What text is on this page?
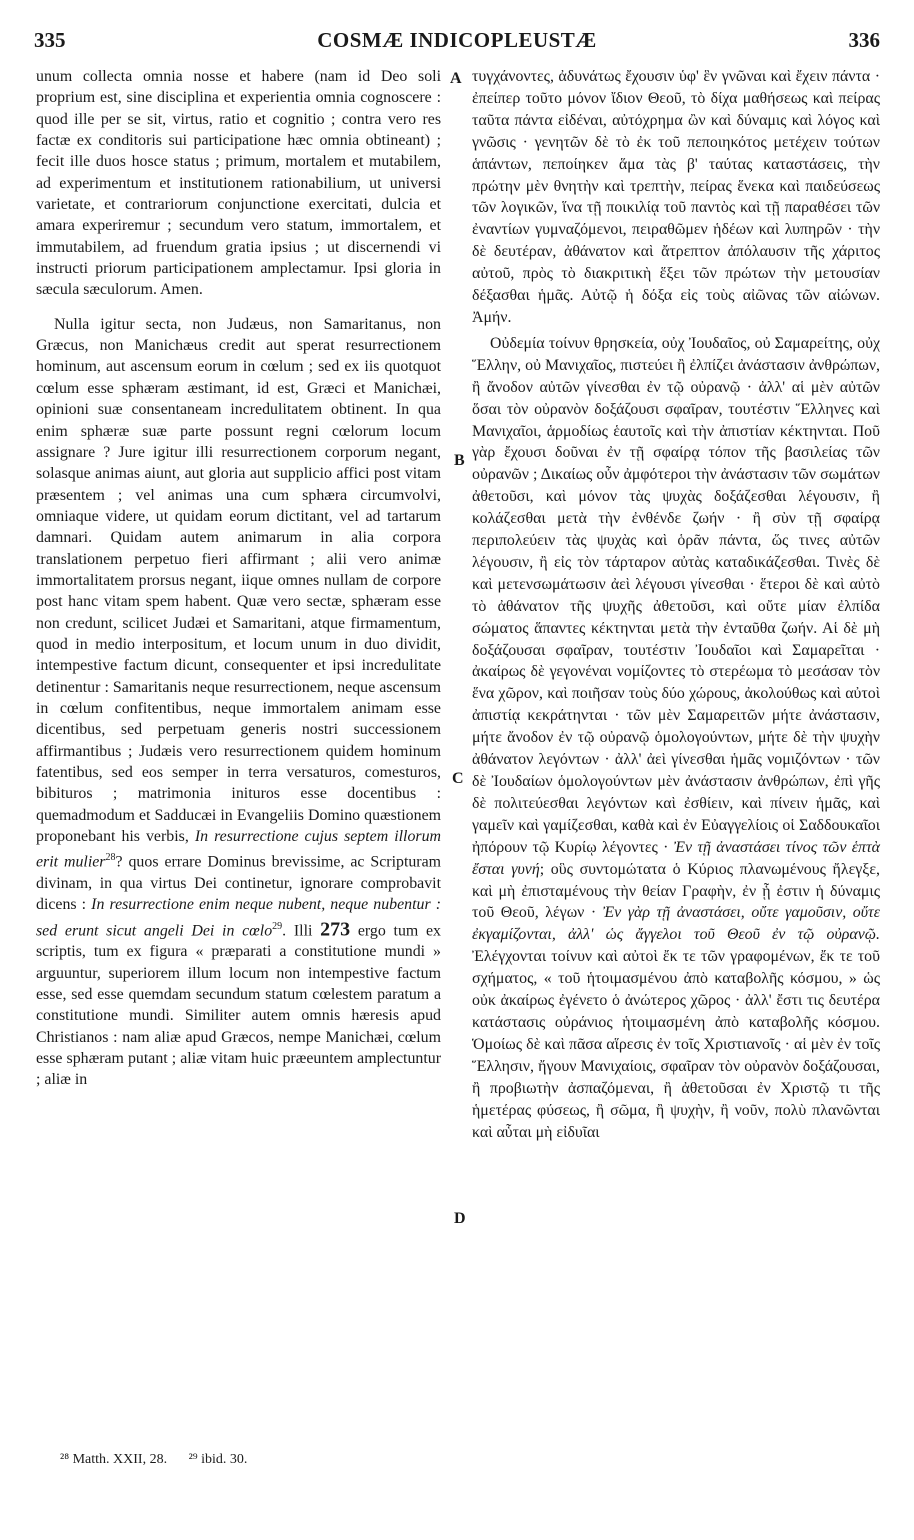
335	COSMÆ INDICOPLEUSTÆ	336

unum collecta omnia nosse et habere (nam id Deo soli proprium est, sine disciplina et experientia omnia cognoscere : quod ille per se sit, virtus, ratio et cognitio ; contra vero res factæ ex conditoris sui participatione hæc omnia obtineant) ; fecit ille duos hosce status ; primum, mortalem et mutabilem, ad experimentum et institutionem rationabilium, ut universi varietate, et contrariorum conjunctione exercitati, dulcia et amara experiremur ; secundum vero statum, immortalem, et immutabilem, ad fruendum gratia ipsius ; ut discernendi vi instructi priorum participationem amplectamur. Ipsi gloria in sæcula sæculorum. Amen.

Nulla igitur secta, non Judæus, non Samaritanus, non Græcus, non Manichæus credit aut sperat resurrectionem hominum, aut ascensum eorum in cœlum ; sed ex iis quotquot cœlum esse sphæram æstimant, id est, Græci et Manichæi, opinioni suæ consentaneam incredulitatem obtinent. In qua enim sphæræ suæ parte possunt regni cœlorum locum assignare ? Jure igitur illi resurrectionem corporum negant, solasque animas aiunt, aut gloria aut supplicio affici post vitam præsentem ; vel animas una cum sphæra circumvolvi, omniaque videre, ut quidam eorum dictitant, vel ad tartarum damnari. Quidam autem animarum in alia corpora translationem perpetuo fieri affirmant ; alii vero animæ immortalitatem prorsus negant, iique omnes nullam de corpore post hanc vitam spem habent. Quæ vero sectæ, sphæram esse non credunt, scilicet Judæi et Samaritani, atque firmamentum, quod in medio interpositum, et locum unum in duo dividit, intempestive factum dicunt, consequenter et ipsi incredulitate detinentur : Samaritanis neque resurrectionem, neque ascensum in cœlum confitentibus, neque immortalem animam esse dicentibus, sed perpetuam generis nostri successionem affirmantibus ; Judæis vero resurrectionem quidem hominum fatentibus, sed eos semper in terra versaturos, comesturos, bibituros ; matrimonia inituros esse docentibus : quemadmodum et Sadducæi in Evangeliis Domino quæstionem proponebant his verbis, In resurrectione cujus septem illorum erit mulier$^{28}$? quos errare Dominus brevissime, ac Scripturam divinam, in qua virtus Dei continetur, ignorare comprobavit dicens : In resurrectione enim neque nubent, neque nubentur : sed erunt sicut angeli Dei in cœlo$^{29}$. Illi 273 ergo tum ex scriptis, tum ex figura « præparati a constitutione mundi » arguuntur, superiorem illum locum non intempestive factum esse, sed esse quemdam secundum statum cœlestem paratum a constitutione mundi. Similiter autem omnis hæresis apud Christianos : nam aliæ apud Græcos, nempe Manichæi, cœlum esse sphæram putant ; aliæ vitam huic præeuntem amplectuntur ; aliæ in

A
B
C
D

τυγχάνοντες, ἀδυνάτως ἔχουσιν ὑφ' ἓν γνῶναι καὶ ἔχειν πάντα · ἐπείπερ τοῦτο μόνον ἴδιον Θεοῦ, τὸ δίχα μαθήσεως καὶ πείρας ταῦτα πάντα εἰδέναι, αὐτόχρημα ὢν καὶ δύναμις καὶ λόγος καὶ γνῶσις · γενητῶν δὲ τὸ ἐκ τοῦ πεποιηκότος μετέχειν τούτων ἁπάντων, πεποίηκεν ἅμα τὰς β' ταύτας καταστάσεις, τὴν πρώτην μὲν θνητὴν καὶ τρεπτὴν, πείρας ἕνεκα καὶ παιδεύσεως τῶν λογικῶν, ἵνα τῇ ποικιλίᾳ τοῦ παντὸς καὶ τῇ παραθέσει τῶν ἐναντίων γυμναζόμενοι, πειραθῶμεν ἡδέων καὶ λυπηρῶν · τὴν δὲ δευτέραν, ἀθάνατον καὶ ἄτρεπτον ἀπόλαυσιν τῆς χάριτος αὐτοῦ, πρὸς τὸ διακριτικὴ ἕξει τῶν πρώτων τὴν μετουσίαν δέξασθαι ἡμᾶς. Αὐτῷ ἡ δόξα εἰς τοὺς αἰῶνας τῶν αἰώνων. Ἀμήν.

Οὐδεμία τοίνυν θρησκεία, οὐχ Ἰουδαῖος, οὐ Σαμαρείτης, οὐχ Ἕλλην, οὐ Μανιχαῖος, πιστεύει ἢ ἐλπίζει ἀνάστασιν ἀνθρώπων, ἢ ἄνοδον αὐτῶν γίνεσθαι ἐν τῷ οὐρανῷ · ἀλλ' αἱ μὲν αὐτῶν ὅσαι τὸν οὐρανὸν δοξάζουσι σφαῖραν, τουτέστιν Ἕλληνες καὶ Μανιχαῖοι, ἁρμοδίως ἑαυτοῖς καὶ τὴν ἀπιστίαν κέκτηνται. Ποῦ γὰρ ἔχουσι δοῦναι ἐν τῇ σφαίρᾳ τόπον τῆς βασιλείας τῶν οὐρανῶν ; Δικαίως οὖν ἀμφότεροι τὴν ἀνάστασιν τῶν σωμάτων ἀθετοῦσι, καὶ μόνον τὰς ψυχὰς δοξάζεσθαι λέγουσιν, ἢ κολάζεσθαι μετὰ τὴν ἐνθένδε ζωήν · ἢ σὺν τῇ σφαίρᾳ περιπολεύειν τὰς ψυχὰς καὶ ὁρᾶν πάντα, ὥς τινες αὐτῶν λέγουσιν, ἢ εἰς τὸν τάρταρον αὐτὰς καταδικάζεσθαι. Τινὲς δὲ καὶ μετενσωμάτωσιν ἀεὶ λέγουσι γίνεσθαι · ἕτεροι δὲ καὶ αὐτὸ τὸ ἀθάνατον τῆς ψυχῆς ἀθετοῦσι, καὶ οὔτε μίαν ἐλπίδα σώματος ἅπαντες κέκτηνται μετὰ τὴν ἐνταῦθα ζωήν. Αἱ δὲ μὴ δοξάζουσαι σφαῖραν, τουτέστιν Ἰουδαῖοι καὶ Σαμαρεῖται · ἀκαίρως δὲ γεγονέναι νομίζοντες τὸ στερέωμα τὸ μεσάσαν τὸν ἕνα χῶρον, καὶ ποιῆσαν τοὺς δύο χώρους, ἀκολούθως καὶ αὐτοὶ ἀπιστίᾳ κεκράτηνται · τῶν μὲν Σαμαρειτῶν μήτε ἀνάστασιν, μήτε ἄνοδον ἐν τῷ οὐρανῷ ὁμολογούντων, μήτε δὲ τὴν ψυχὴν ἀθάνατον λεγόντων · ἀλλ' ἀεὶ γίνεσθαι ἡμᾶς νομιζόντων · τῶν δὲ Ἰουδαίων ὁμολογούντων μὲν ἀνάστασιν ἀνθρώπων, ἐπὶ γῆς δὲ πολιτεύεσθαι λεγόντων καὶ ἐσθίειν, καὶ πίνειν ἡμᾶς, καὶ γαμεῖν καὶ γαμίζεσθαι, καθὰ καὶ ἐν Εὐαγγελίοις οἱ Σαδδουκαῖοι ἠπόρουν τῷ Κυρίῳ λέγοντες · Ἐν τῇ ἀναστάσει τίνος τῶν ἑπτὰ ἔσται γυνή; οὓς συντομώτατα ὁ Κύριος πλανωμένους ἤλεγξε, καὶ μὴ ἐπισταμένους τὴν θείαν Γραφὴν, ἐν ᾗ ἐστιν ἡ δύναμις τοῦ Θεοῦ, λέγων · Ἐν γὰρ τῇ ἀναστάσει, οὔτε γαμοῦσιν, οὔτε ἐκγαμίζονται, ἀλλ' ὡς ἄγγελοι τοῦ Θεοῦ ἐν τῷ οὐρανῷ. Ἐλέγχονται τοίνυν καὶ αὐτοὶ ἔκ τε τῶν γραφομένων, ἔκ τε τοῦ σχήματος, « τοῦ ἡτοιμασμένου ἀπὸ καταβολῆς κόσμου, » ὡς οὐκ ἀκαίρως ἐγένετο ὁ ἀνώτερος χῶρος · ἀλλ' ἔστι τις δευτέρα κατάστασις οὐράνιος ἡτοιμασμένη ἀπὸ καταβολῆς κόσμου. Ὁμοίως δὲ καὶ πᾶσα αἵρεσις ἐν τοῖς Χριστιανοῖς · αἱ μὲν ἐν τοῖς Ἕλλησιν, ἤγουν Μανιχαίοις, σφαῖραν τὸν οὐρανὸν δοξάζουσαι, ἢ προβιωτὴν ἀσπαζόμεναι, ἢ ἀθετοῦσαι ἐν Χριστῷ τι τῆς ἡμετέρας φύσεως, ἢ σῶμα, ἢ ψυχὴν, ἢ νοῦν, πολὺ πλανῶνται καὶ αὗται μὴ εἰδυῖαι

²⁸ Matth. XXII, 28. ²⁹ ibid. 30.
